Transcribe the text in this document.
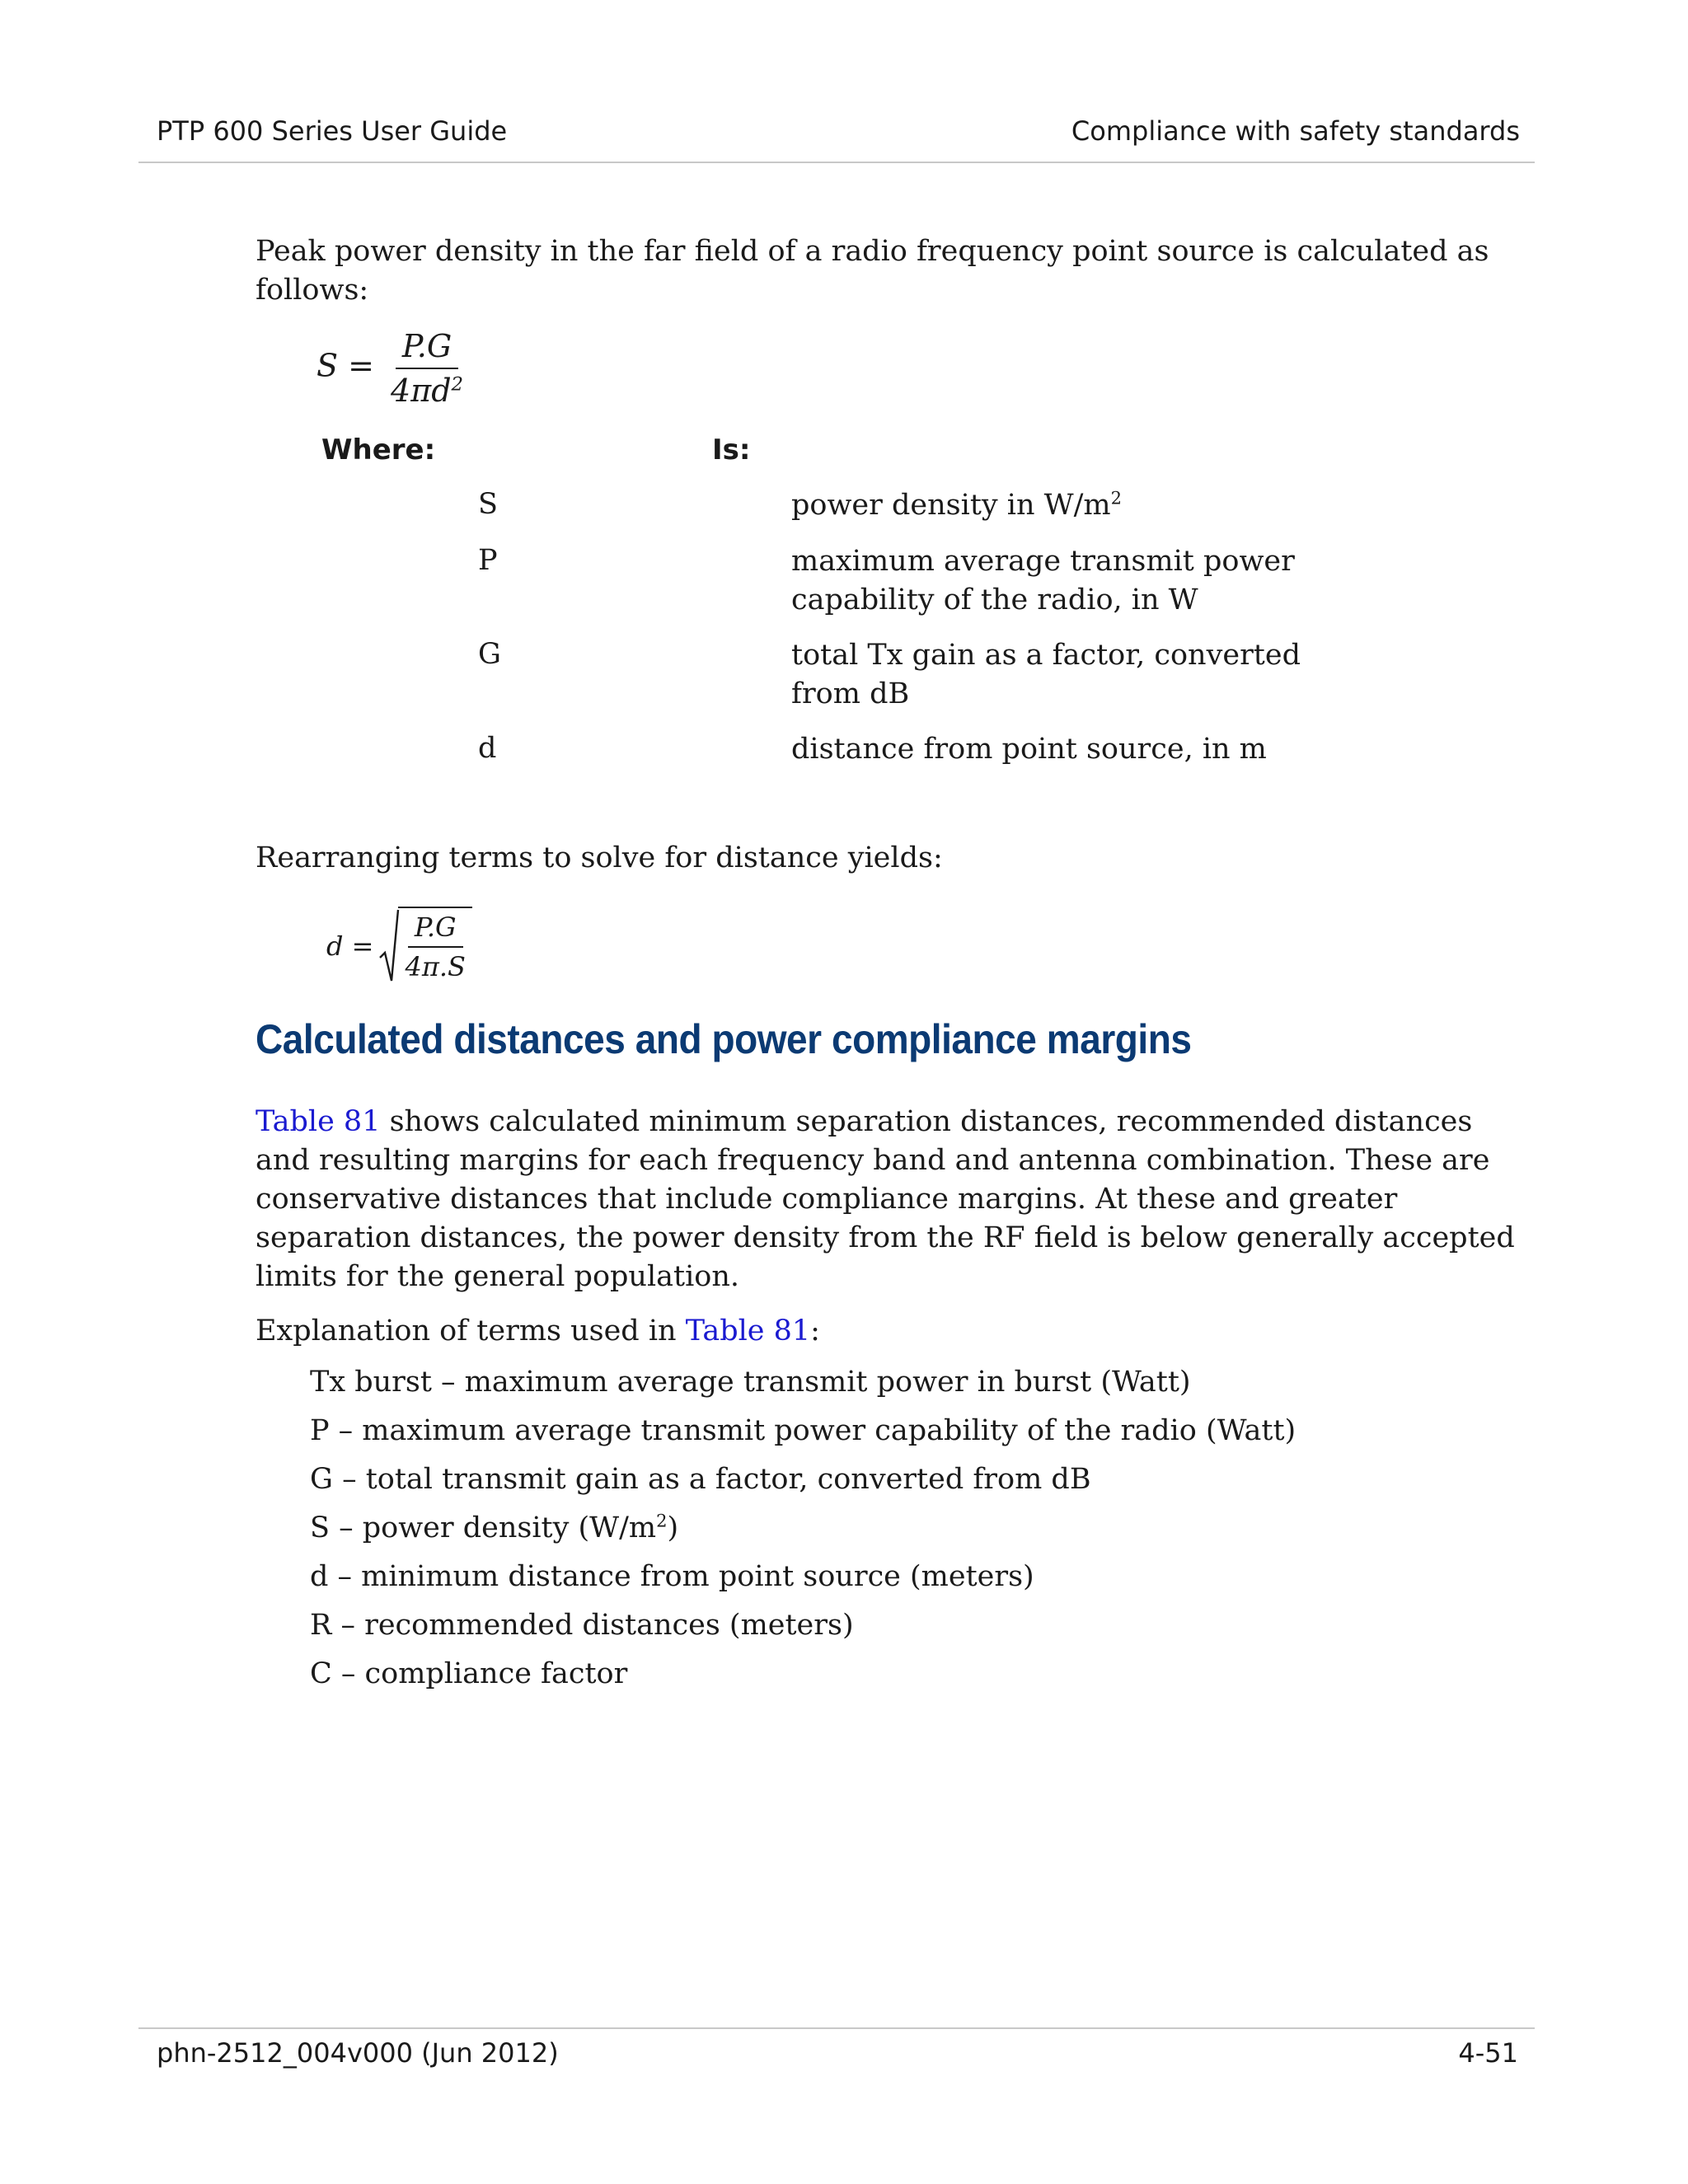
PTP 600 Series User Guide	Compliance with safety standards

Peak power density in the far field of a radio frequency point source is calculated as follows:

$S = \frac{P.G}{4\pi d^2}$
Where:	Is:
S	power density in $W/m^2$
P	maximum average transmit power capability of the radio, in W
G	total Tx gain as a factor, converted from dB
d	distance from point source, in m

Rearranging terms to solve for distance yields:

$d = \frac{P.G}{4\pi.S}$
Calculated distances and power compliance margins

Table 81 shows calculated minimum separation distances, recommended distances and resulting margins for each frequency band and antenna combination. These are conservative distances that include compliance margins. At these and greater separation distances, the power density from the RF field is below generally accepted limits for the general population.

Explanation of terms used in Table 81:

Tx burst – maximum average transmit power in burst (Watt)
P – maximum average transmit power capability of the radio (Watt)
G – total transmit gain as a factor, converted from dB
S – power density $(W/m^2)$
d – minimum distance from point source (meters)
R – recommended distances (meters)
C – compliance factor
phn-2512_004v000 (Jun 2012)	4-51
